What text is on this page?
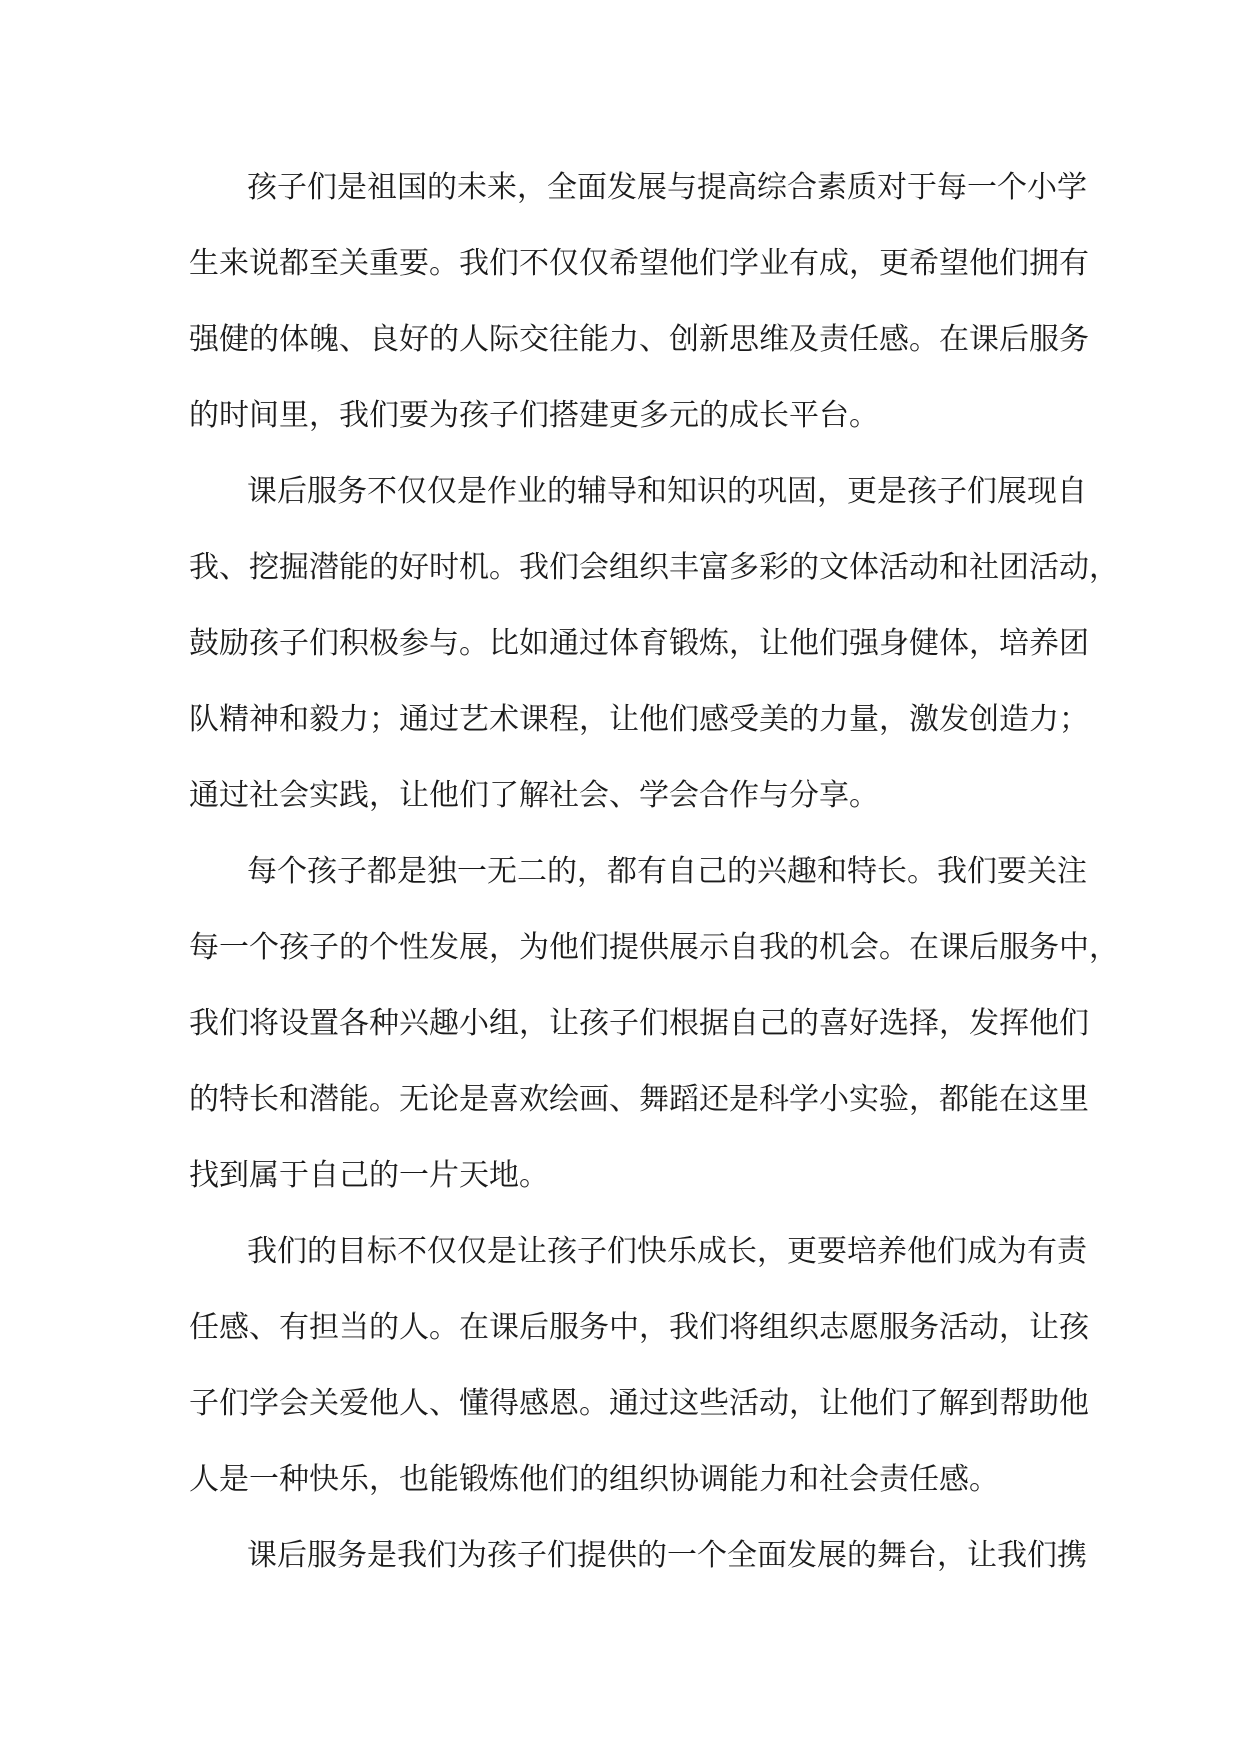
孩子们是祖国的未来，全面发展与提高综合素质对于每一个小学
生来说都至关重要。我们不仅仅希望他们学业有成，更希望他们拥有
强健的体魄、良好的人际交往能力、创新思维及责任感。在课后服务
的时间里，我们要为孩子们搭建更多元的成长平台。
课后服务不仅仅是作业的辅导和知识的巩固，更是孩子们展现自
我、挖掘潜能的好时机。我们会组织丰富多彩的文体活动和社团活动，
鼓励孩子们积极参与。比如通过体育锻炼，让他们强身健体，培养团
队精神和毅力；通过艺术课程，让他们感受美的力量，激发创造力；
通过社会实践，让他们了解社会、学会合作与分享。
每个孩子都是独一无二的，都有自己的兴趣和特长。我们要关注
每一个孩子的个性发展，为他们提供展示自我的机会。在课后服务中，
我们将设置各种兴趣小组，让孩子们根据自己的喜好选择，发挥他们
的特长和潜能。无论是喜欢绘画、舞蹈还是科学小实验，都能在这里
找到属于自己的一片天地。
我们的目标不仅仅是让孩子们快乐成长，更要培养他们成为有责
任感、有担当的人。在课后服务中，我们将组织志愿服务活动，让孩
子们学会关爱他人、懂得感恩。通过这些活动，让他们了解到帮助他
人是一种快乐，也能锻炼他们的组织协调能力和社会责任感。
课后服务是我们为孩子们提供的一个全面发展的舞台，让我们携
